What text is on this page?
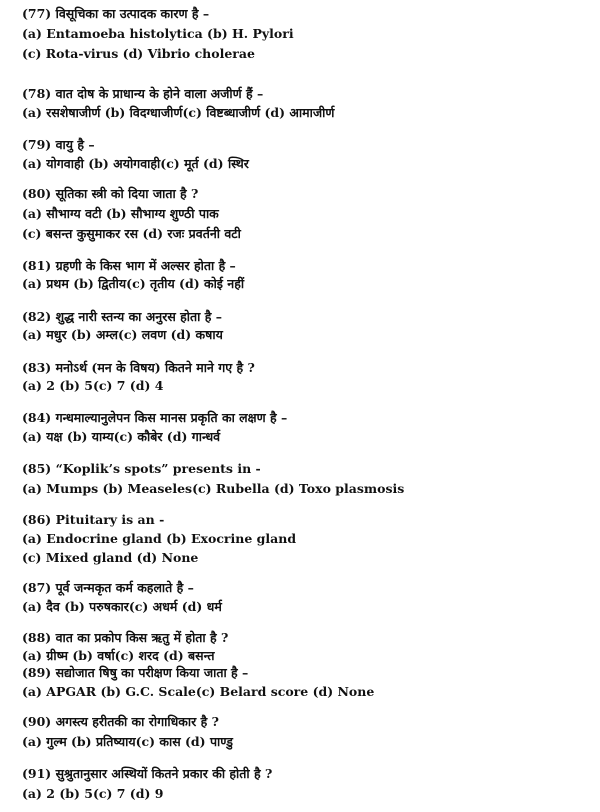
(77) विसूचिका का उत्पादक कारण है –
(a) Entamoeba histolytica (b) H. Pylori
(c) Rota-virus (d) Vibrio cholerae
(78) वात दोष के प्राधान्य के होने वाला अजीर्ण हैं –
(a) रसशेषाजीर्ण (b) विदग्धाजीर्ण(c) विष्टब्धाजीर्ण (d) आमाजीर्ण
(79) वायु है –
(a) योगवाही (b) अयोगवाही(c) मूर्त (d) स्थिर
(80) सूतिका स्त्री को दिया जाता है ?
(a) सौभाग्य वटी (b) सौभाग्य शुण्ठी पाक
(c) बसन्त कुसुमाकर रस (d) रजः प्रवर्तनी वटी
(81) ग्रहणी के किस भाग में अल्सर होता है –
(a) प्रथम (b) द्वितीय(c) तृतीय (d) कोई नहीं
(82) शुद्ध नारी स्तन्य का अनुरस होता है –
(a) मधुर (b) अम्ल(c) लवण (d) कषाय
(83) मनोऽर्थ (मन के विषय) कितने माने गए है ?
(a) 2 (b) 5(c) 7 (d) 4
(84) गन्धमाल्यानुलेपन किस मानस प्रकृति का लक्षण है –
(a) यक्ष (b) याम्य(c) कौबेर (d) गान्धर्व
(85) “Koplik’s spots” presents in -
(a) Mumps (b) Measeles(c) Rubella (d) Toxo plasmosis
(86) Pituitary is an -
(a) Endocrine gland (b) Exocrine gland
(c) Mixed gland (d) None
(87) पूर्व जन्मकृत कर्म कहलाते है –
(a) दैव (b) परुषकार(c) अधर्म (d) धर्म
(88) वात का प्रकोप किस ऋतु में होता है ?
(a) ग्रीष्म (b) वर्षा(c) शरद (d) बसन्त
(89) सद्योजात षिषु का परीक्षण किया जाता है –
(a) APGAR (b) G.C. Scale(c) Belard score (d) None
(90) अगस्त्य हरीतकी का रोगाधिकार है ?
(a) गुल्म (b) प्रतिष्याय(c) कास (d) पाण्डु
(91) सुश्रुतानुसार अस्थियों कितने प्रकार की होती है ?
(a) 2 (b) 5(c) 7 (d) 9
